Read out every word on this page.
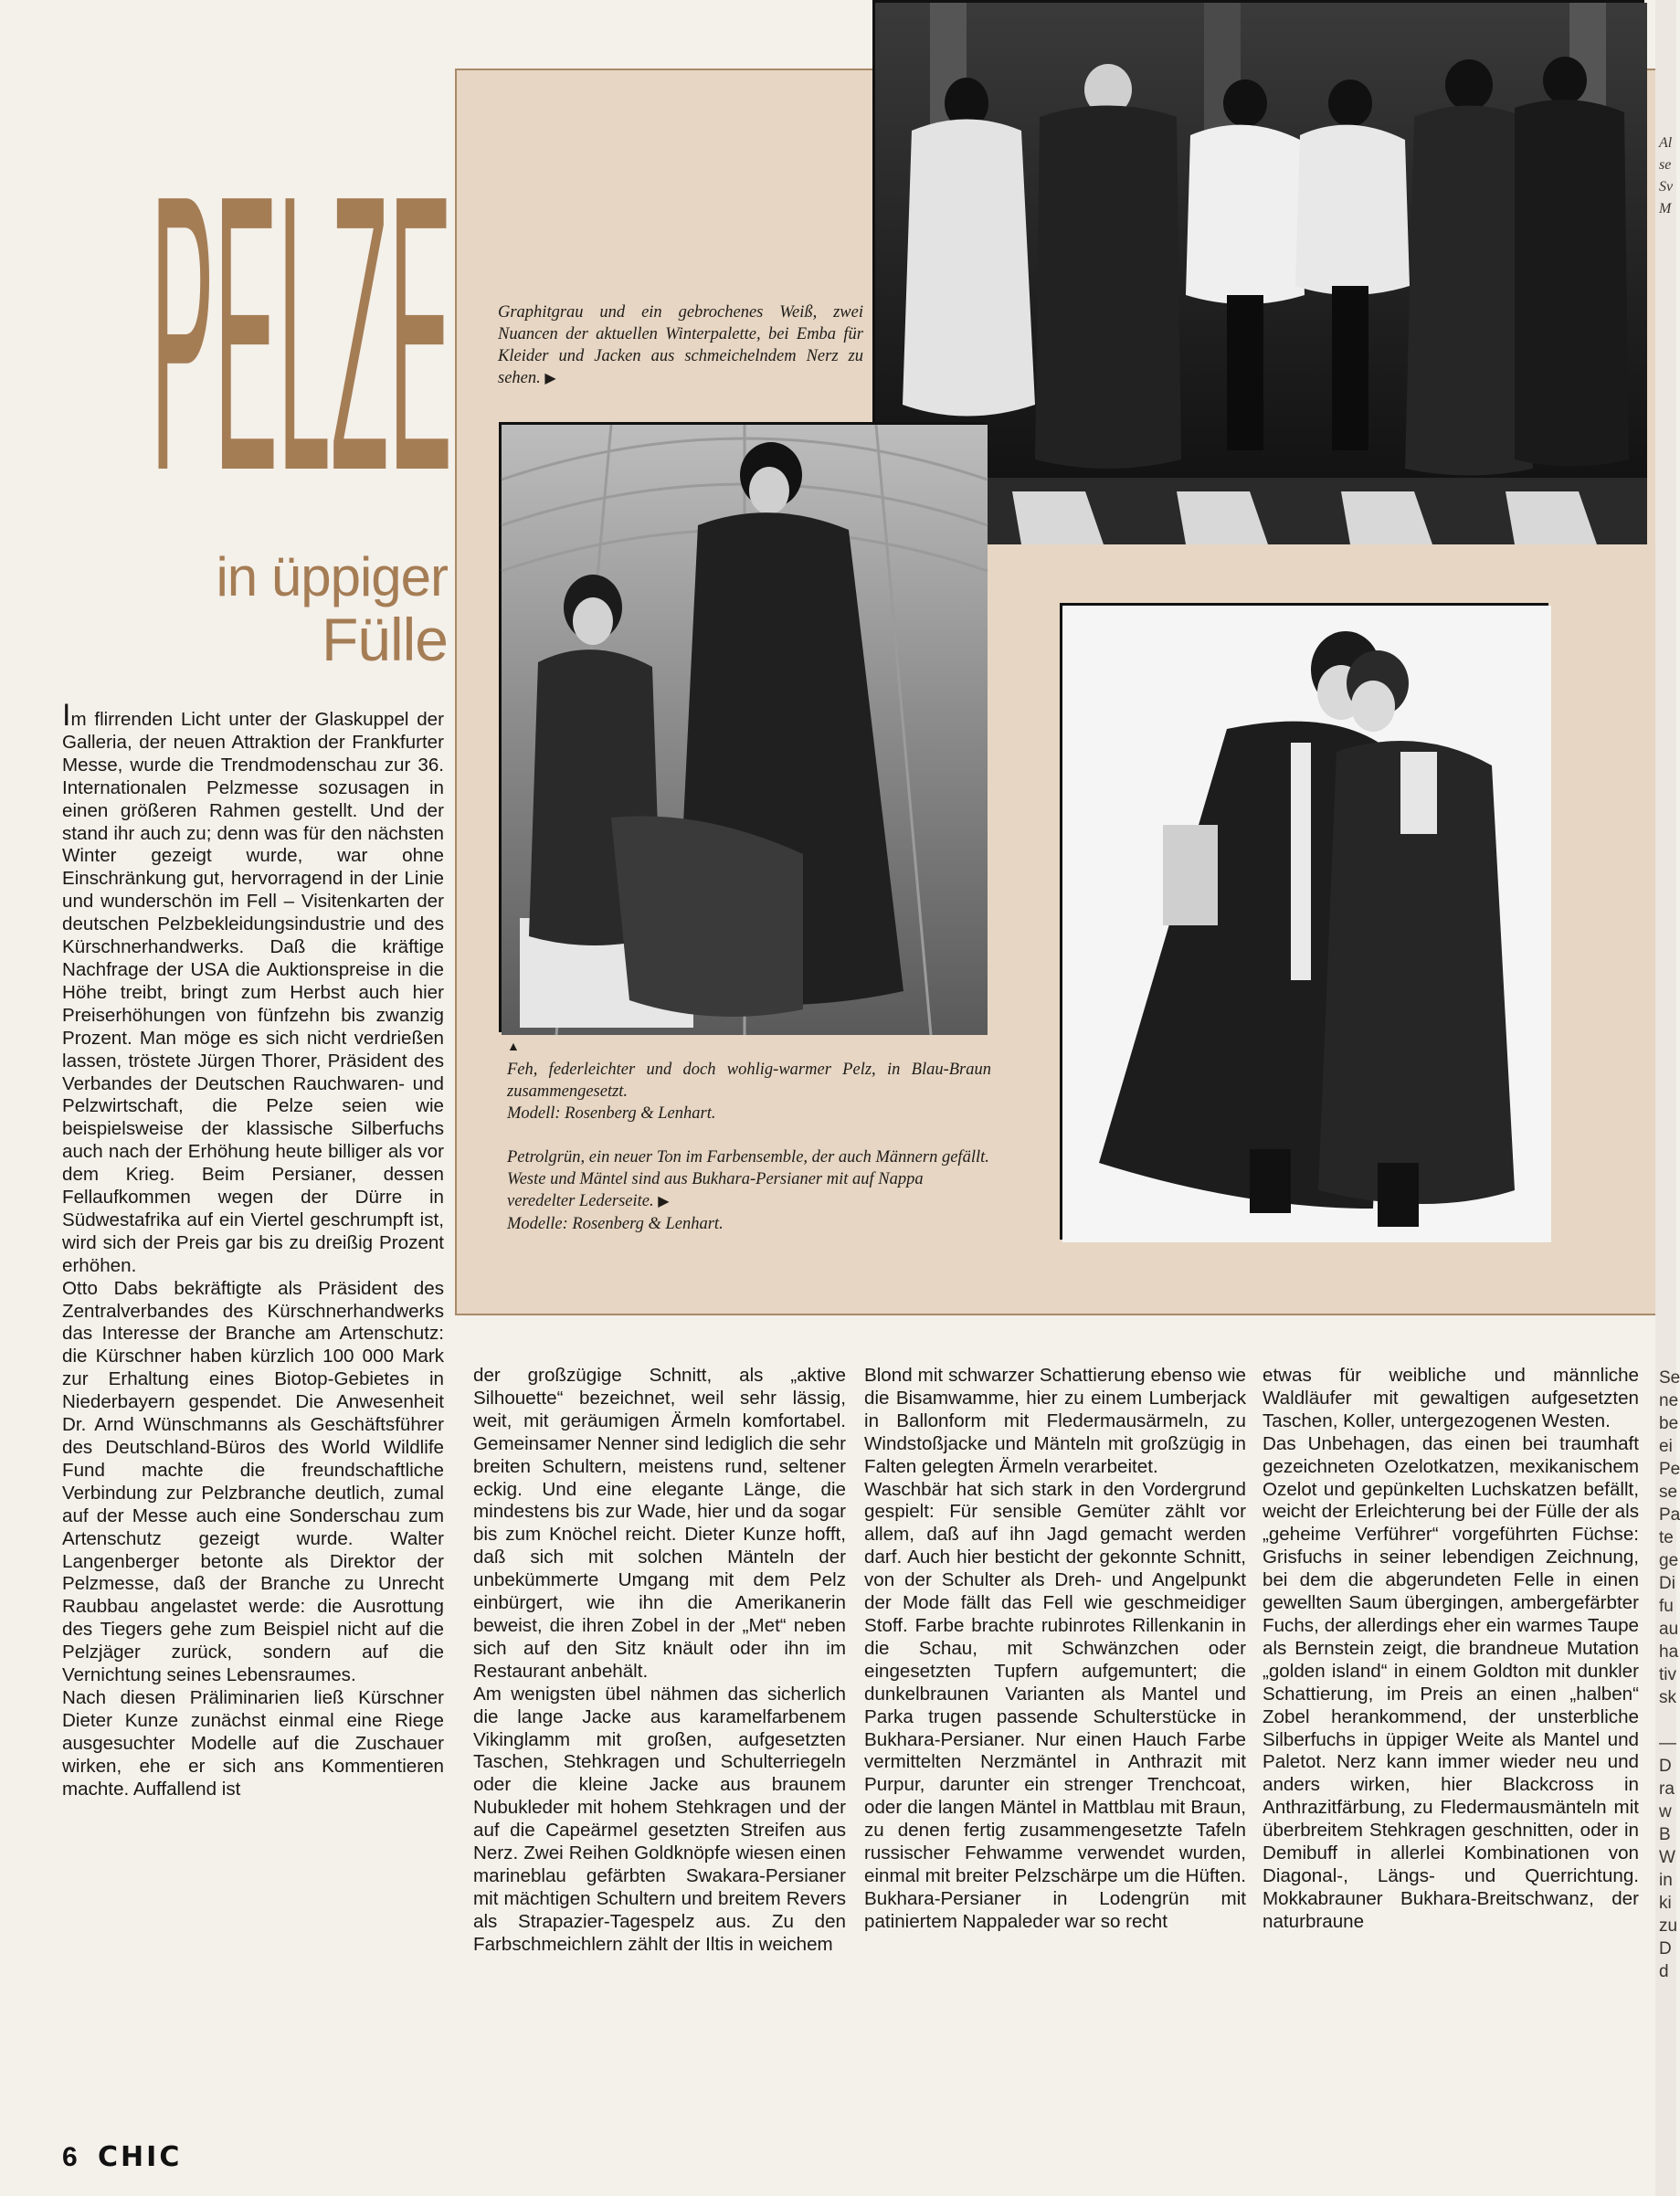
PELZE
in üppiger
Fülle
Graphitgrau und ein gebrochenes Weiß, zwei Nuancen der aktuellen Winterpalette, bei Emba für Kleider und Jacken aus schmeichelndem Nerz zu sehen. ▶
▲
Feh, federleichter und doch wohlig-warmer Pelz, in Blau-Braun zusammengesetzt.
Modell: Rosenberg & Lenhart.
Petrolgrün, ein neuer Ton im Farbensemble, der auch Männern gefällt. Weste und Mäntel sind aus Bukhara-Persianer mit auf Nappa veredelter Lederseite. ▶
Modelle: Rosenberg & Lenhart.

Im flirrenden Licht unter der Glaskuppel der Galleria, der neuen Attraktion der Frankfurter Messe, wurde die Trendmodenschau zur 36. Internationalen Pelzmesse sozusagen in einen größeren Rahmen gestellt. Und der stand ihr auch zu; denn was für den nächsten Winter gezeigt wurde, war ohne Einschränkung gut, hervorragend in der Linie und wunderschön im Fell – Visitenkarten der deutschen Pelzbekleidungsindustrie und des Kürschnerhandwerks. Daß die kräftige Nachfrage der USA die Auktionspreise in die Höhe treibt, bringt zum Herbst auch hier Preiserhöhungen von fünfzehn bis zwanzig Prozent. Man möge es sich nicht verdrießen lassen, tröstete Jürgen Thorer, Präsident des Verbandes der Deutschen Rauchwaren- und Pelzwirtschaft, die Pelze seien wie beispielsweise der klassische Silberfuchs auch nach der Erhöhung heute billiger als vor dem Krieg. Beim Persianer, dessen Fellaufkommen wegen der Dürre in Südwestafrika auf ein Viertel geschrumpft ist, wird sich der Preis gar bis zu dreißig Prozent erhöhen.

Otto Dabs bekräftigte als Präsident des Zentralverbandes des Kürschnerhandwerks das Interesse der Branche am Artenschutz: die Kürschner haben kürzlich 100 000 Mark zur Erhaltung eines Biotop-Gebietes in Niederbayern gespendet. Die Anwesenheit Dr. Arnd Wünschmanns als Geschäftsführer des Deutschland-Büros des World Wildlife Fund machte die freundschaftliche Verbindung zur Pelzbranche deutlich, zumal auf der Messe auch eine Sonderschau zum Artenschutz gezeigt wurde. Walter Langenberger betonte als Direktor der Pelzmesse, daß der Branche zu Unrecht Raubbau angelastet werde: die Ausrottung des Tiegers gehe zum Beispiel nicht auf die Pelzjäger zurück, sondern auf die Vernichtung seines Lebensraumes.

Nach diesen Präliminarien ließ Kürschner Dieter Kunze zunächst einmal eine Riege ausgesuchter Modelle auf die Zuschauer wirken, ehe er sich ans Kommentieren machte. Auffallend ist

der großzügige Schnitt, als „aktive Silhouette“ bezeichnet, weil sehr lässig, weit, mit geräumigen Ärmeln komfortabel. Gemeinsamer Nenner sind lediglich die sehr breiten Schultern, meistens rund, seltener eckig. Und eine elegante Länge, die mindestens bis zur Wade, hier und da sogar bis zum Knöchel reicht. Dieter Kunze hofft, daß sich mit solchen Mänteln der unbekümmerte Umgang mit dem Pelz einbürgert, wie ihn die Amerikanerin beweist, die ihren Zobel in der „Met“ neben sich auf den Sitz knäult oder ihn im Restaurant anbehält.

Am wenigsten übel nähmen das sicherlich die lange Jacke aus karamelfarbenem Vikinglamm mit großen, aufgesetzten Taschen, Stehkragen und Schulterriegeln oder die kleine Jacke aus braunem Nubukleder mit hohem Stehkragen und der auf die Capeärmel gesetzten Streifen aus Nerz. Zwei Reihen Goldknöpfe wiesen einen marineblau gefärbten Swakara-Persianer mit mächtigen Schultern und breitem Revers als Strapazier-Tagespelz aus. Zu den Farbschmeichlern zählt der Iltis in weichem

Blond mit schwarzer Schattierung ebenso wie die Bisamwamme, hier zu einem Lumberjack in Ballonform mit Fledermausärmeln, zu Windstoßjacke und Mänteln mit großzügig in Falten gelegten Ärmeln verarbeitet.

Waschbär hat sich stark in den Vordergrund gespielt: Für sensible Gemüter zählt vor allem, daß auf ihn Jagd gemacht werden darf. Auch hier besticht der gekonnte Schnitt, von der Schulter als Dreh- und Angelpunkt der Mode fällt das Fell wie geschmeidiger Stoff. Farbe brachte rubinrotes Rillenkanin in die Schau, mit Schwänzchen oder eingesetzten Tupfern aufgemuntert; die dunkelbraunen Varianten als Mantel und Parka trugen passende Schulterstücke in Bukhara-Persianer. Nur einen Hauch Farbe vermittelten Nerzmäntel in Anthrazit mit Purpur, darunter ein strenger Trenchcoat, oder die langen Mäntel in Mattblau mit Braun, zu denen fertig zusammengesetzte Tafeln russischer Fehwamme verwendet wurden, einmal mit breiter Pelzschärpe um die Hüften. Bukhara-Persianer in Lodengrün mit patiniertem Nappaleder war so recht

etwas für weibliche und männliche Waldläufer mit gewaltigen aufgesetzten Taschen, Koller, untergezogenen Westen.

Das Unbehagen, das einen bei traumhaft gezeichneten Ozelotkatzen, mexikanischem Ozelot und gepünkelten Luchskatzen befällt, weicht der Erleichterung bei der Fülle der als „geheime Verführer“ vorgeführten Füchse: Grisfuchs in seiner lebendigen Zeichnung, bei dem die abgerundeten Felle in einen gewellten Saum übergingen, ambergefärbter Fuchs, der allerdings eher ein warmes Taupe als Bernstein zeigt, die brandneue Mutation „golden island“ in einem Goldton mit dunkler Schattierung, im Preis an einen „halben“ Zobel herankommend, der unsterbliche Silberfuchs in üppiger Weite als Mantel und Paletot. Nerz kann immer wieder neu und anders wirken, hier Blackcross in Anthrazitfärbung, zu Fledermausmänteln mit überbreitem Stehkragen geschnitten, oder in Demibuff in allerlei Kombinationen von Diagonal-, Längs- und Querrichtung. Mokkabrauner Bukhara-Breitschwanz, der naturbraune

6 CHIC
Al
se
Sv
M
Se
ne
be
ei
Pe
se
Pa
te
ge
Di
fu
au
ha
tiv
sk

—
D
ra
w
B
W
in
ki
zu
D
d
